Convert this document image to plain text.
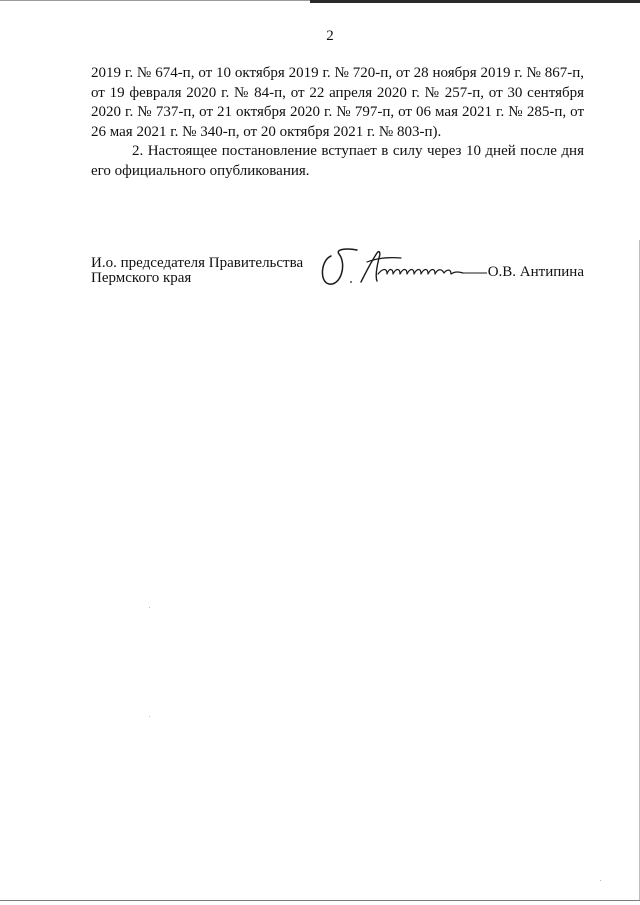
2

2019 г. № 674-п, от 10 октября 2019 г. № 720-п, от 28 ноября 2019 г. № 867-п, от 19 февраля 2020 г. № 84-п, от 22 апреля 2020 г. № 257-п, от 30 сентября 2020 г. № 737-п, от 21 октября 2020 г. № 797-п, от 06 мая 2021 г. № 285-п, от 26 мая 2021 г. № 340-п, от 20 октября 2021 г. № 803-п).

2. Настоящее постановление вступает в силу через 10 дней после дня его официального опубликования.

И.о. председателя Правительства
Пермского края	О.В. Антипина
